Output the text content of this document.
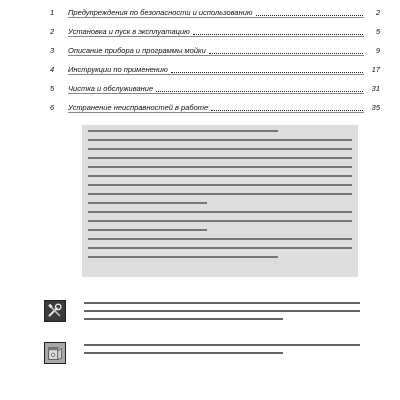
1	Предупреждения по безопасности и использованию	2
2	Установка и пуск в эксплуатацию	5
3	Описание прибора и программы мойки	9
4	Инструкции по применению	17
5	Чистка и обслуживание	31
6	Устранение неисправностей в работе	35
